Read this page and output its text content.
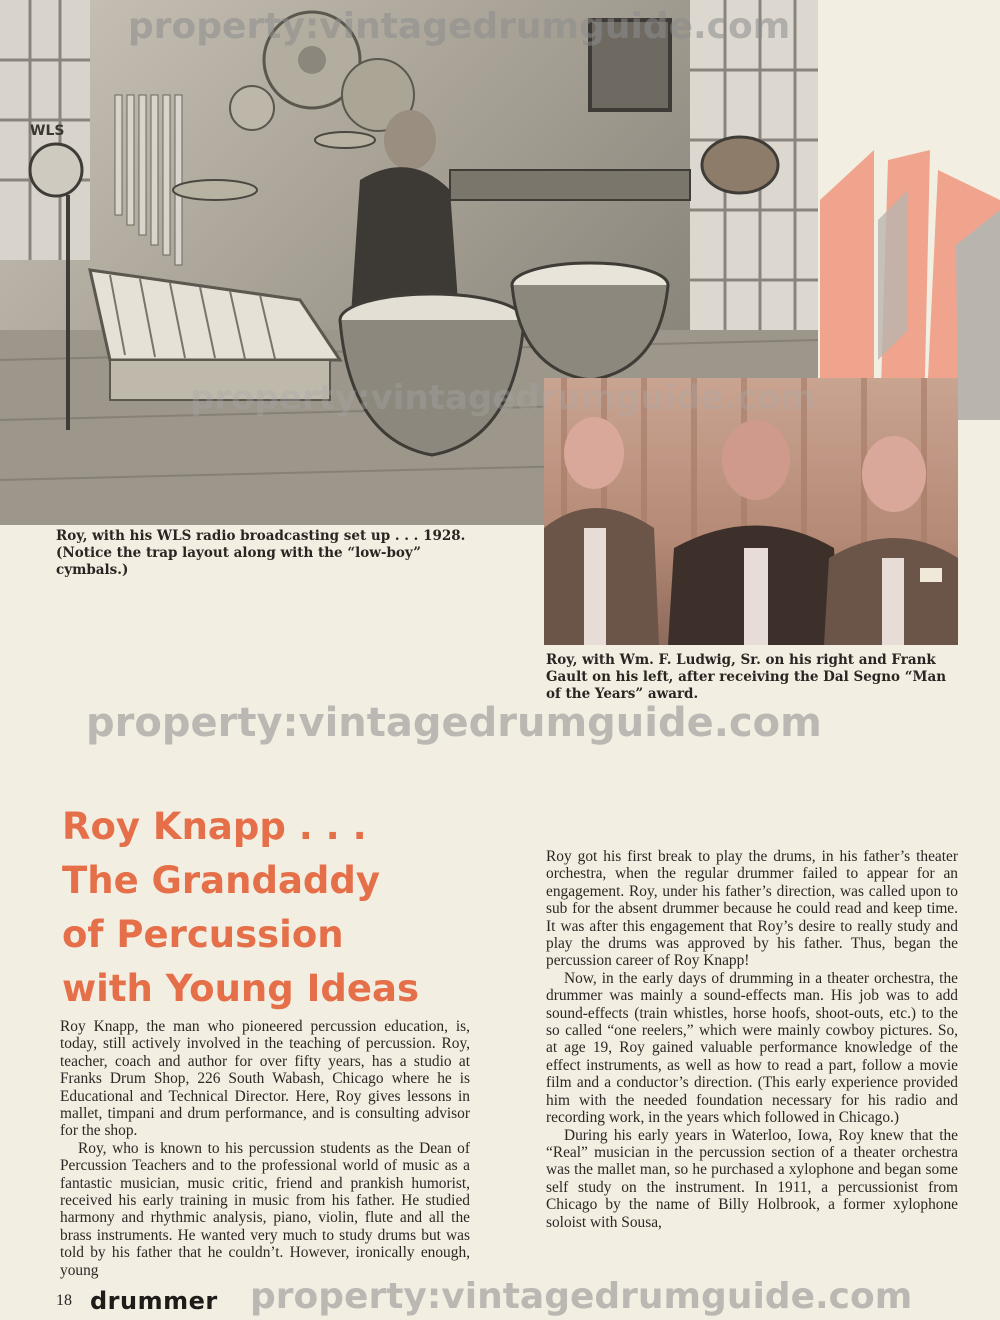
WLS
property:vintagedrumguide.com
property:vintagedrumguide.com
Roy, with his WLS radio broadcasting set up . . . 1928. (Notice the trap layout along with the “low-boy” cymbals.)
Roy, with Wm. F. Ludwig, Sr. on his right and Frank Gault on his left, after receiving the Dal Segno “Man of the Years” award.
property:vintagedrumguide.com
Roy Knapp . . .
The Grandaddy
of Percussion
with Young Ideas

Roy Knapp, the man who pioneered percussion education, is, today, still actively involved in the teaching of percussion. Roy, teacher, coach and author for over fifty years, has a studio at Franks Drum Shop, 226 South Wabash, Chicago where he is Educational and Technical Director. Here, Roy gives lessons in mallet, timpani and drum performance, and is consulting advisor for the shop.

Roy, who is known to his percussion students as the Dean of Percussion Teachers and to the professional world of music as a fantastic musician, music critic, friend and prankish humorist, received his early training in music from his father. He studied harmony and rhythmic analysis, piano, violin, flute and all the brass instruments. He wanted very much to study drums but was told by his father that he couldn’t. However, ironically enough, young

Roy got his first break to play the drums, in his father’s theater orchestra, when the regular drummer failed to appear for an engagement. Roy, under his father’s direction, was called upon to sub for the absent drummer because he could read and keep time. It was after this engagement that Roy’s desire to really study and play the drums was approved by his father. Thus, began the percussion career of Roy Knapp!

Now, in the early days of drumming in a theater orchestra, the drummer was mainly a sound-effects man. His job was to add sound-effects (train whistles, horse hoofs, shoot-outs, etc.) to the so called “one reelers,” which were mainly cowboy pictures. So, at age 19, Roy gained valuable performance knowledge of the effect instruments, as well as how to read a part, follow a movie film and a conductor’s direction. (This early experience provided him with the needed foundation necessary for his radio and recording work, in the years which followed in Chicago.)

During his early years in Waterloo, Iowa, Roy knew that the “Real” musician in the percussion section of a theater orchestra was the mallet man, so he purchased a xylophone and began some self study on the instrument. In 1911, a percussionist from Chicago by the name of Billy Holbrook, a former xylophone soloist with Sousa,

18 drummer property:vintagedrumguide.com
